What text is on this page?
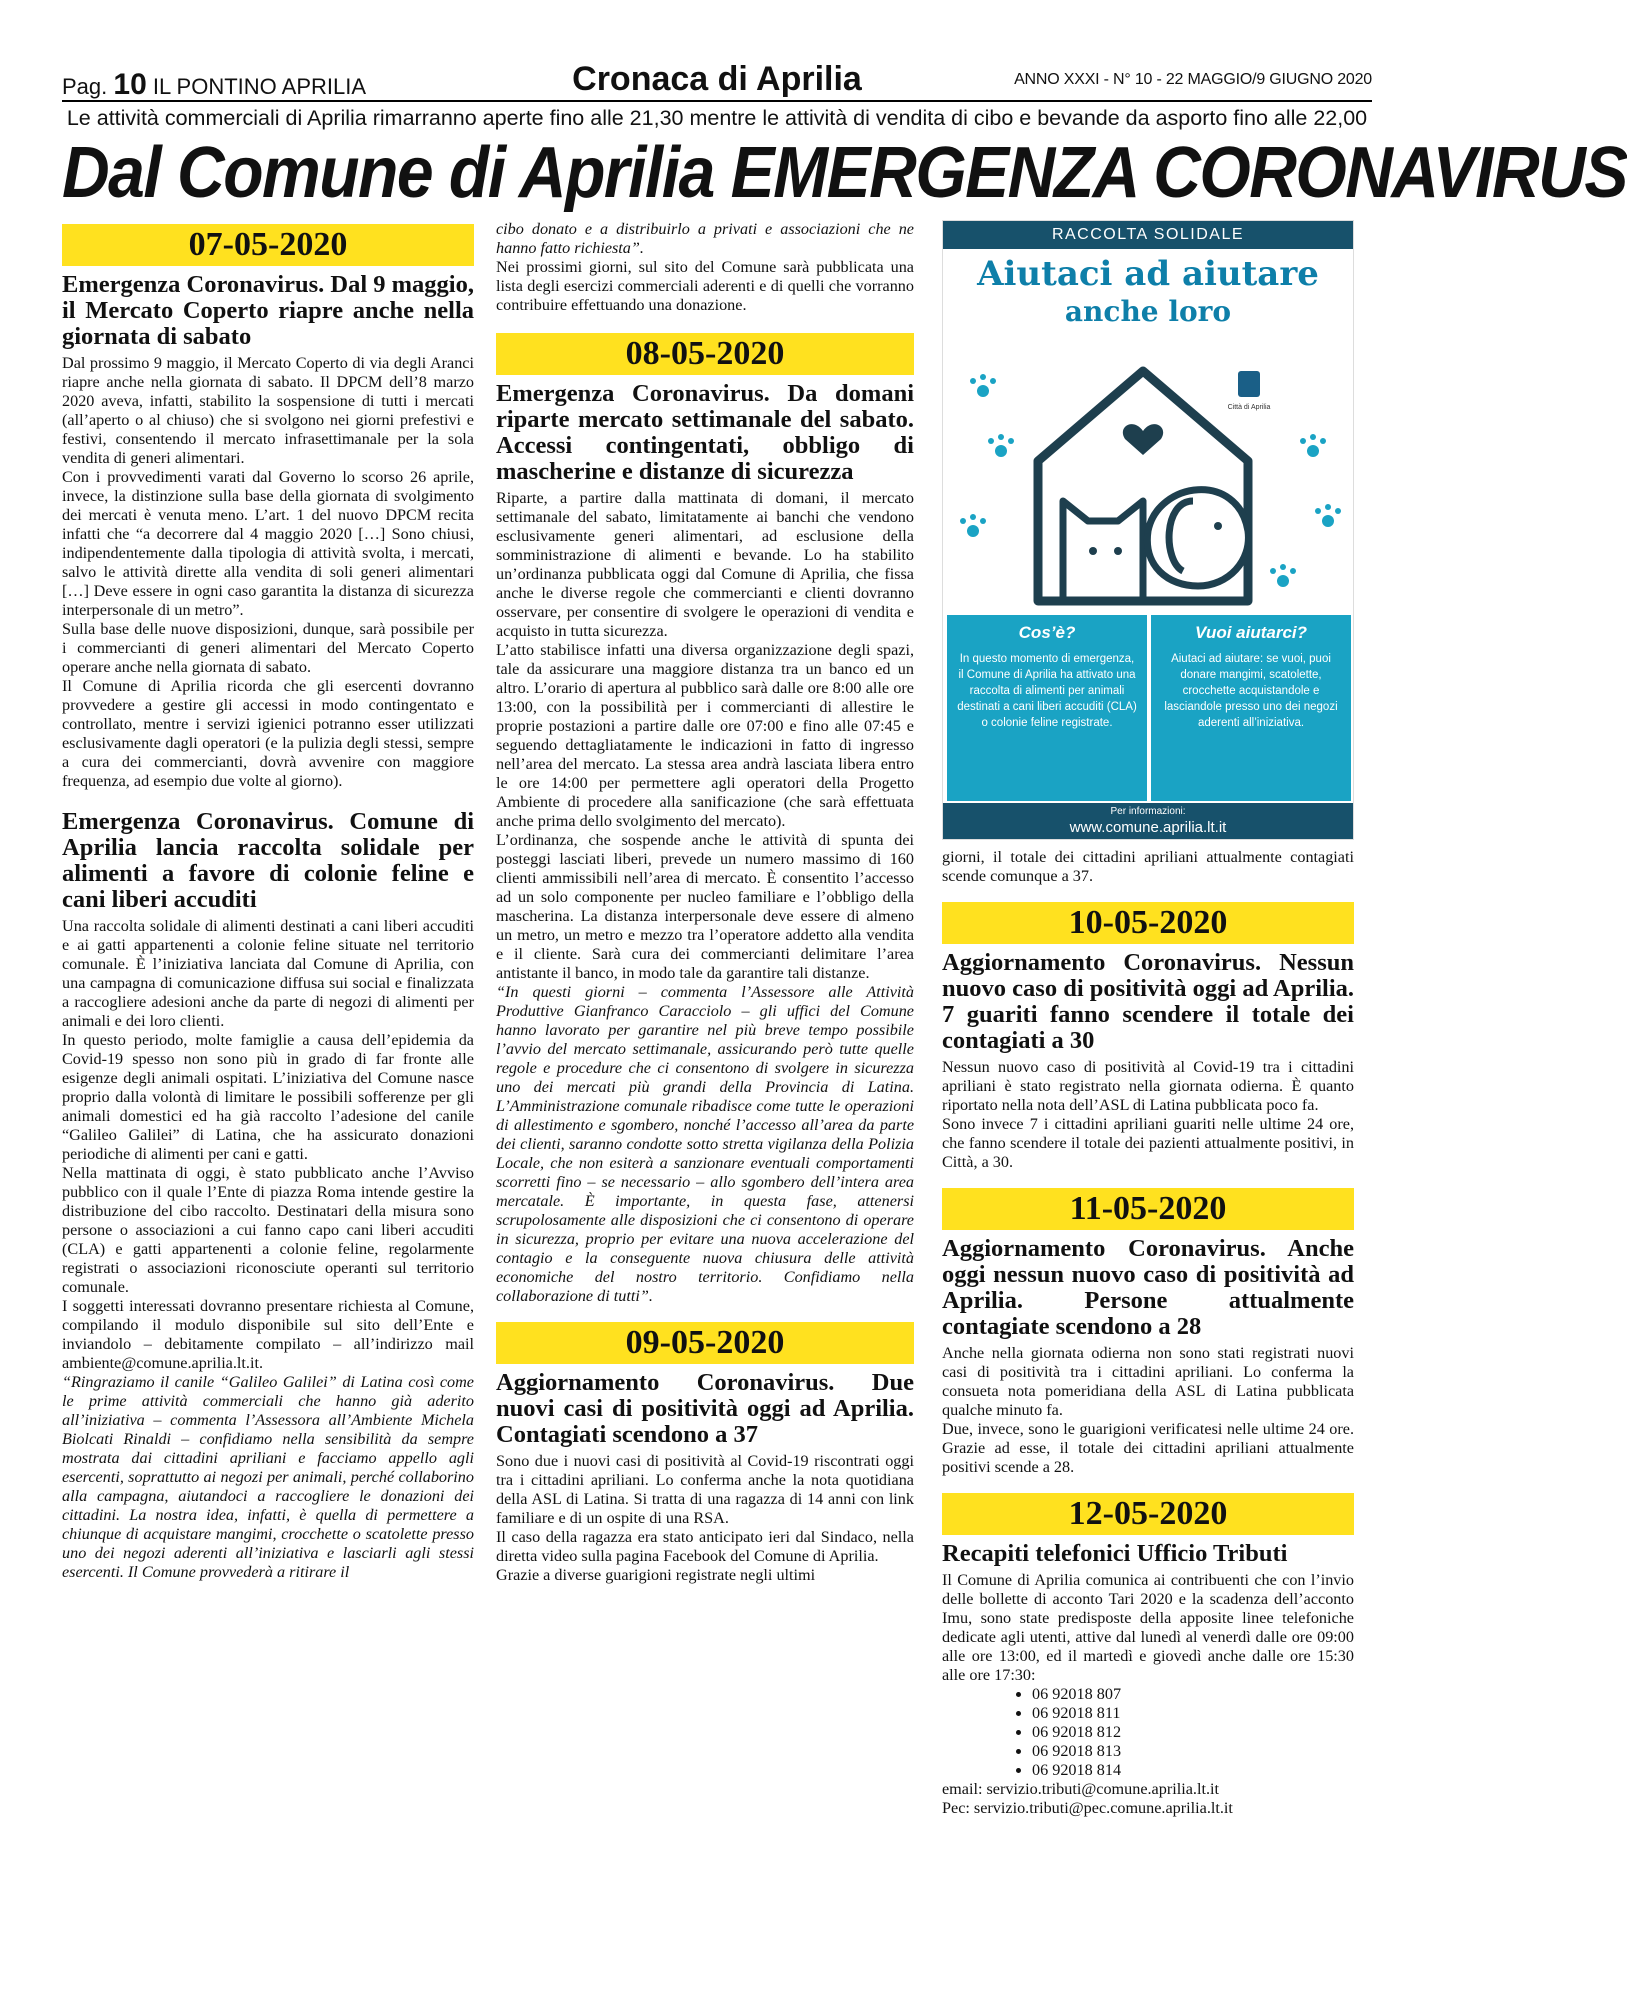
Pag. 10 IL PONTINO APRILIA	Cronaca di Aprilia	ANNO XXXI - N° 10 - 22 MAGGIO/9 GIUGNO 2020
Le attività commerciali di Aprilia rimarranno aperte fino alle 21,30 mentre le attività di vendita di cibo e bevande da asporto fino alle 22,00
Dal Comune di Aprilia EMERGENZA CORONAVIRUS
07-05-2020
Emergenza Coronavirus. Dal 9 maggio, il Mercato Coperto riapre anche nella giornata di sabato

Dal prossimo 9 maggio, il Mercato Coperto di via degli Aranci riapre anche nella giornata di sabato. Il DPCM dell’8 marzo 2020 aveva, infatti, stabilito la sospensione di tutti i mercati (all’aperto o al chiuso) che si svolgono nei giorni prefestivi e festivi, consentendo il mercato infrasettimanale per la sola vendita di generi alimentari.

Con i provvedimenti varati dal Governo lo scorso 26 aprile, invece, la distinzione sulla base della giornata di svolgimento dei mercati è venuta meno. L’art. 1 del nuovo DPCM recita infatti che “a decorrere dal 4 maggio 2020 […] Sono chiusi, indipendentemente dalla tipologia di attività svolta, i mercati, salvo le attività dirette alla vendita di soli generi alimentari […] Deve essere in ogni caso garantita la distanza di sicurezza interpersonale di un metro”.

Sulla base delle nuove disposizioni, dunque, sarà possibile per i commercianti di generi alimentari del Mercato Coperto operare anche nella giornata di sabato.

Il Comune di Aprilia ricorda che gli esercenti dovranno provvedere a gestire gli accessi in modo contingentato e controllato, mentre i servizi igienici potranno esser utilizzati esclusivamente dagli operatori (e la pulizia degli stessi, sempre a cura dei commercianti, dovrà avvenire con maggiore frequenza, ad esempio due volte al giorno).

Emergenza Coronavirus. Comune di Aprilia lancia raccolta solidale per alimenti a favore di colonie feline e cani liberi accuditi

Una raccolta solidale di alimenti destinati a cani liberi accuditi e ai gatti appartenenti a colonie feline situate nel territorio comunale. È l’iniziativa lanciata dal Comune di Aprilia, con una campagna di comunicazione diffusa sui social e finalizzata a raccogliere adesioni anche da parte di negozi di alimenti per animali e dei loro clienti.

In questo periodo, molte famiglie a causa dell’epidemia da Covid-19 spesso non sono più in grado di far fronte alle esigenze degli animali ospitati. L’iniziativa del Comune nasce proprio dalla volontà di limitare le possibili sofferenze per gli animali domestici ed ha già raccolto l’adesione del canile “Galileo Galilei” di Latina, che ha assicurato donazioni periodiche di alimenti per cani e gatti.

Nella mattinata di oggi, è stato pubblicato anche l’Avviso pubblico con il quale l’Ente di piazza Roma intende gestire la distribuzione del cibo raccolto. Destinatari della misura sono persone o associazioni a cui fanno capo cani liberi accuditi (CLA) e gatti appartenenti a colonie feline, regolarmente registrati o associazioni riconosciute operanti sul territorio comunale.

I soggetti interessati dovranno presentare richiesta al Comune, compilando il modulo disponibile sul sito dell’Ente e inviandolo – debitamente compilato – all’indirizzo mail ambiente@comune.aprilia.lt.it.

“Ringraziamo il canile “Galileo Galilei” di Latina così come le prime attività commerciali che hanno già aderito all’iniziativa – commenta l’Assessora all’Ambiente Michela Biolcati Rinaldi – confidiamo nella sensibilità da sempre mostrata dai cittadini apriliani e facciamo appello agli esercenti, soprattutto ai negozi per animali, perché collaborino alla campagna, aiutandoci a raccogliere le donazioni dei cittadini. La nostra idea, infatti, è quella di permettere a chiunque di acquistare mangimi, crocchette o scatolette presso uno dei negozi aderenti all’iniziativa e lasciarli agli stessi esercenti. Il Comune provvederà a ritirare il

cibo donato e a distribuirlo a privati e associazioni che ne hanno fatto richiesta”.

Nei prossimi giorni, sul sito del Comune sarà pubblicata una lista degli esercizi commerciali aderenti e di quelli che vorranno contribuire effettuando una donazione.

08-05-2020
Emergenza Coronavirus. Da domani riparte mercato settimanale del sabato. Accessi contingentati, obbligo di mascherine e distanze di sicurezza

Riparte, a partire dalla mattinata di domani, il mercato settimanale del sabato, limitatamente ai banchi che vendono esclusivamente generi alimentari, ad esclusione della somministrazione di alimenti e bevande. Lo ha stabilito un’ordinanza pubblicata oggi dal Comune di Aprilia, che fissa anche le diverse regole che commercianti e clienti dovranno osservare, per consentire di svolgere le operazioni di vendita e acquisto in tutta sicurezza.

L’atto stabilisce infatti una diversa organizzazione degli spazi, tale da assicurare una maggiore distanza tra un banco ed un altro. L’orario di apertura al pubblico sarà dalle ore 8:00 alle ore 13:00, con la possibilità per i commercianti di allestire le proprie postazioni a partire dalle ore 07:00 e fino alle 07:45 e seguendo dettagliatamente le indicazioni in fatto di ingresso nell’area del mercato. La stessa area andrà lasciata libera entro le ore 14:00 per permettere agli operatori della Progetto Ambiente di procedere alla sanificazione (che sarà effettuata anche prima dello svolgimento del mercato).

L’ordinanza, che sospende anche le attività di spunta dei posteggi lasciati liberi, prevede un numero massimo di 160 clienti ammissibili nell’area di mercato. È consentito l’accesso ad un solo componente per nucleo familiare e l’obbligo della mascherina. La distanza interpersonale deve essere di almeno un metro, un metro e mezzo tra l’operatore addetto alla vendita e il cliente. Sarà cura dei commercianti delimitare l’area antistante il banco, in modo tale da garantire tali distanze.

“In questi giorni – commenta l’Assessore alle Attività Produttive Gianfranco Caracciolo – gli uffici del Comune hanno lavorato per garantire nel più breve tempo possibile l’avvio del mercato settimanale, assicurando però tutte quelle regole e procedure che ci consentono di svolgere in sicurezza uno dei mercati più grandi della Provincia di Latina. L’Amministrazione comunale ribadisce come tutte le operazioni di allestimento e sgombero, nonché l’accesso all’area da parte dei clienti, saranno condotte sotto stretta vigilanza della Polizia Locale, che non esiterà a sanzionare eventuali comportamenti scorretti fino – se necessario – allo sgombero dell’intera area mercatale. È importante, in questa fase, attenersi scrupolosamente alle disposizioni che ci consentono di operare in sicurezza, proprio per evitare una nuova accelerazione del contagio e la conseguente nuova chiusura delle attività economiche del nostro territorio. Confidiamo nella collaborazione di tutti”.

09-05-2020
Aggiornamento Coronavirus. Due nuovi casi di positività oggi ad Aprilia. Contagiati scendono a 37

Sono due i nuovi casi di positività al Covid-19 riscontrati oggi tra i cittadini apriliani. Lo conferma anche la nota quotidiana della ASL di Latina. Si tratta di una ragazza di 14 anni con link familiare e di un ospite di una RSA.

Il caso della ragazza era stato anticipato ieri dal Sindaco, nella diretta video sulla pagina Facebook del Comune di Aprilia.

Grazie a diverse guarigioni registrate negli ultimi

RACCOLTA SOLIDALE
Aiutaci ad aiutare
anche loro
Città di Aprilia
Cos’è?
In questo momento di emergenza, il Comune di Aprilia ha attivato una raccolta di alimenti per animali destinati a cani liberi accuditi (CLA) o colonie feline registrate.
Vuoi aiutarci?
Aiutaci ad aiutare: se vuoi, puoi donare mangimi, scatolette, crocchette acquistandole e lasciandole presso uno dei negozi aderenti all’iniziativa.
Per informazioni:
www.comune.aprilia.lt.it

giorni, il totale dei cittadini apriliani attualmente contagiati scende comunque a 37.

10-05-2020
Aggiornamento Coronavirus. Nessun nuovo caso di positività oggi ad Aprilia. 7 guariti fanno scendere il totale dei contagiati a 30

Nessun nuovo caso di positività al Covid-19 tra i cittadini apriliani è stato registrato nella giornata odierna. È quanto riportato nella nota dell’ASL di Latina pubblicata poco fa.

Sono invece 7 i cittadini apriliani guariti nelle ultime 24 ore, che fanno scendere il totale dei pazienti attualmente positivi, in Città, a 30.

11-05-2020
Aggiornamento Coronavirus. Anche oggi nessun nuovo caso di positività ad Aprilia. Persone attualmente contagiate scendono a 28

Anche nella giornata odierna non sono stati registrati nuovi casi di positività tra i cittadini apriliani. Lo conferma la consueta nota pomeridiana della ASL di Latina pubblicata qualche minuto fa.

Due, invece, sono le guarigioni verificatesi nelle ultime 24 ore. Grazie ad esse, il totale dei cittadini apriliani attualmente positivi scende a 28.

12-05-2020
Recapiti telefonici Ufficio Tributi

Il Comune di Aprilia comunica ai contribuenti che con l’invio delle bollette di acconto Tari 2020 e la scadenza dell’acconto Imu, sono state predisposte della apposite linee telefoniche dedicate agli utenti, attive dal lunedì al venerdì dalle ore 09:00 alle ore 13:00, ed il martedì e giovedì anche dalle ore 15:30 alle ore 17:30:

• 06 92018 807
• 06 92018 811
• 06 92018 812
• 06 92018 813
• 06 92018 814

email: servizio.tributi@comune.aprilia.lt.it

Pec: servizio.tributi@pec.comune.aprilia.lt.it
